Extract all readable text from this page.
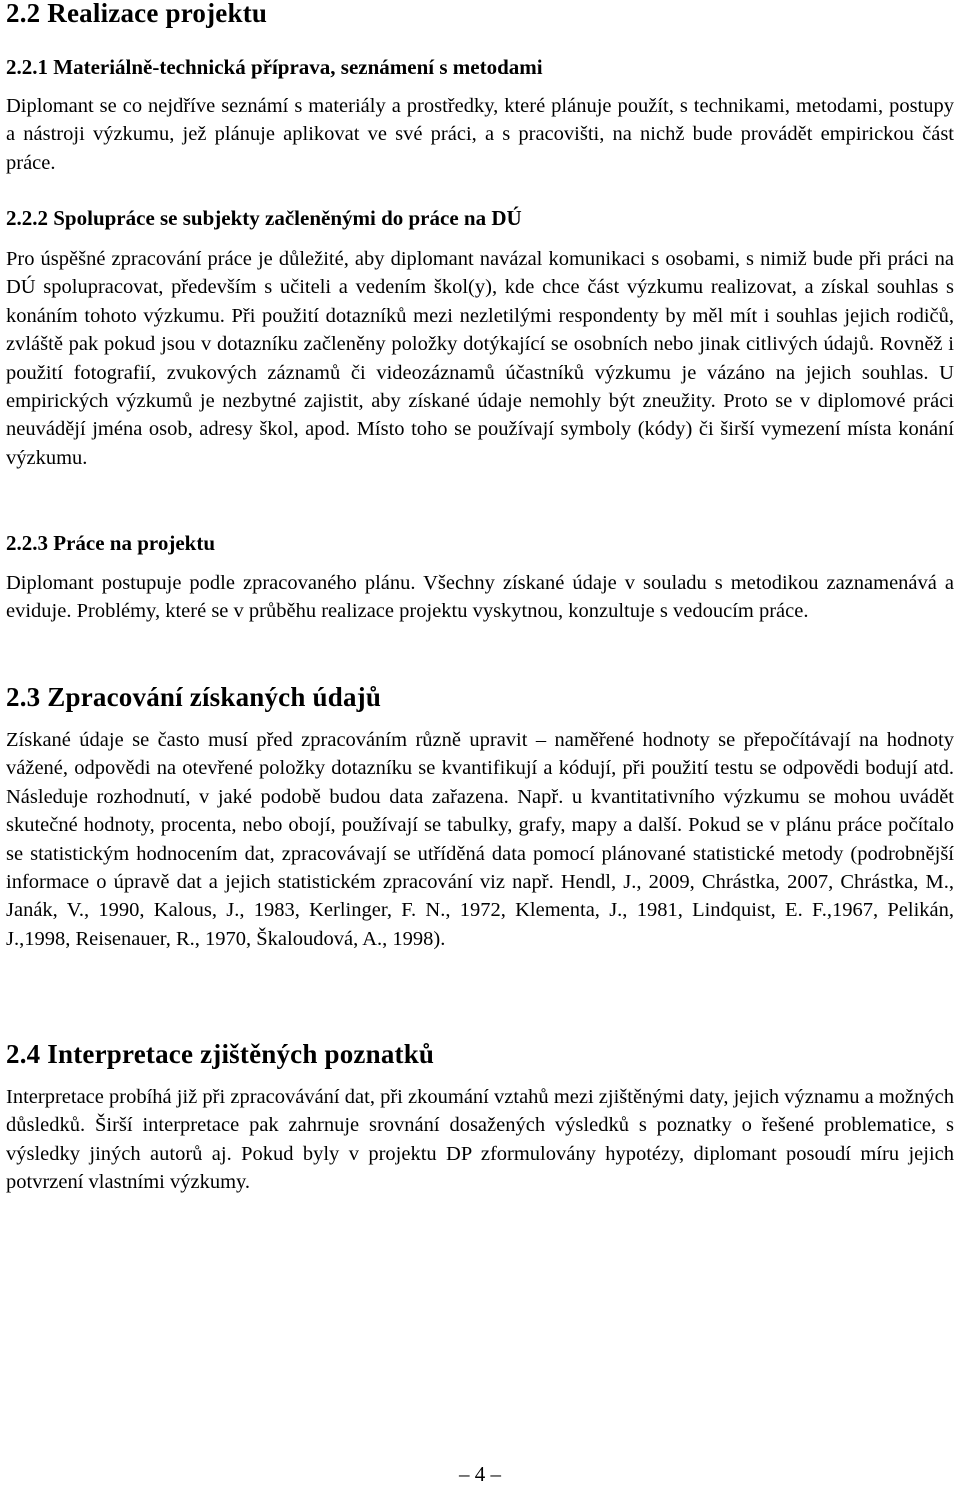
2.2 Realizace projektu
2.2.1 Materiálně-technická příprava, seznámení s metodami

Diplomant se co nejdříve seznámí s materiály a prostředky, které plánuje použít, s technikami, metodami, postupy a nástroji výzkumu, jež plánuje aplikovat ve své práci, a s pracovišti, na nichž bude provádět empirickou část práce.

2.2.2 Spolupráce se subjekty začleněnými do práce na DÚ

Pro úspěšné zpracování práce je důležité, aby diplomant navázal komunikaci s osobami, s nimiž bude při práci na DÚ spolupracovat, především s učiteli a vedením škol(y), kde chce část výzkumu realizovat, a získal souhlas s konáním tohoto výzkumu. Při použití dotazníků mezi nezletilými respondenty by měl mít i souhlas jejich rodičů, zvláště pak pokud jsou v dotazníku začleněny položky dotýkající se osobních nebo jinak citlivých údajů. Rovněž i použití fotografií, zvukových záznamů či videozáznamů účastníků výzkumu je vázáno na jejich souhlas. U empirických výzkumů je nezbytné zajistit, aby získané údaje nemohly být zneužity. Proto se v diplomové práci neuvádějí jména osob, adresy škol, apod. Místo toho se používají symboly (kódy) či širší vymezení místa konání výzkumu.

2.2.3 Práce na projektu

Diplomant postupuje podle zpracovaného plánu. Všechny získané údaje v souladu s metodikou zaznamenává a eviduje. Problémy, které se v průběhu realizace projektu vyskytnou, konzultuje s vedoucím práce.

2.3 Zpracování získaných údajů

Získané údaje se často musí před zpracováním různě upravit – naměřené hodnoty se přepočítávají na hodnoty vážené, odpovědi na otevřené položky dotazníku se kvantifikují a kódují, při použití testu se odpovědi bodují atd. Následuje rozhodnutí, v jaké podobě budou data zařazena. Např. u kvantitativního výzkumu se mohou uvádět skutečné hodnoty, procenta, nebo obojí, používají se tabulky, grafy, mapy a další. Pokud se v plánu práce počítalo se statistickým hodnocením dat, zpracovávají se utříděná data pomocí plánované statistické metody (podrobnější informace o úpravě dat a jejich statistickém zpracování viz např. Hendl, J., 2009, Chrástka, 2007, Chrástka, M., Janák, V., 1990, Kalous, J., 1983, Kerlinger, F. N., 1972, Klementa, J., 1981, Lindquist, E. F.,1967, Pelikán, J.,1998, Reisenauer, R., 1970, Škaloudová, A., 1998).

2.4 Interpretace zjištěných poznatků

Interpretace probíhá již při zpracovávání dat, při zkoumání vztahů mezi zjištěnými daty, jejich významu a možných důsledků. Širší interpretace pak zahrnuje srovnání dosažených výsledků s poznatky o řešené problematice, s výsledky jiných autorů aj. Pokud byly v projektu DP zformulovány hypotézy, diplomant posoudí míru jejich potvrzení vlastními výzkumy.

– 4 –
